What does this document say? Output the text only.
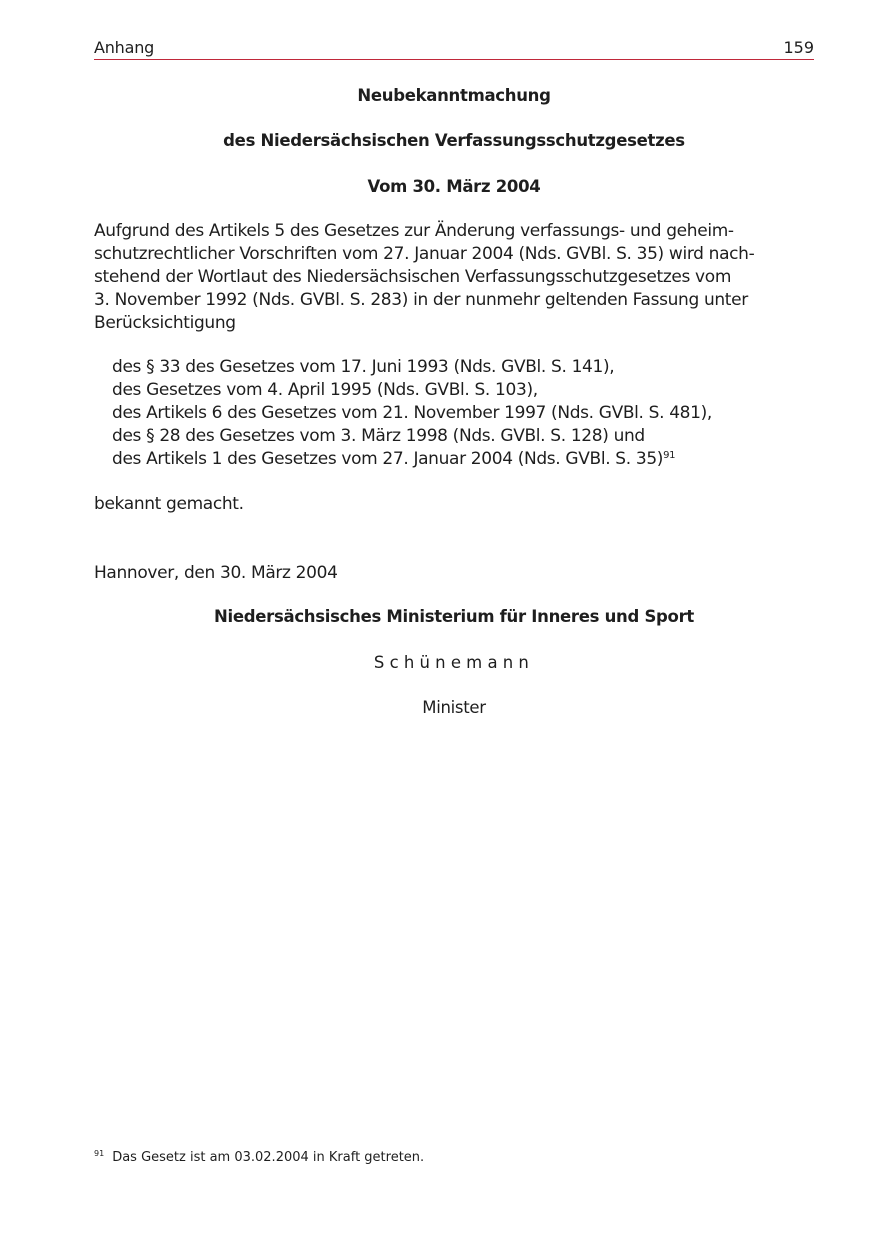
Anhang	159
Neubekanntmachung
des Niedersächsischen Verfassungsschutzgesetzes
Vom 30. März 2004
Aufgrund des Artikels 5 des Gesetzes zur Änderung verfassungs- und geheim-
schutzrechtlicher Vorschriften vom 27. Januar 2004 (Nds. GVBl. S. 35) wird nach-
stehend der Wortlaut des Niedersächsischen Verfassungsschutzgesetzes vom
3. November 1992 (Nds. GVBl. S. 283) in der nunmehr geltenden Fassung unter
Berücksichtigung
des § 33 des Gesetzes vom 17. Juni 1993 (Nds. GVBl. S. 141),
des Gesetzes vom 4. April 1995 (Nds. GVBl. S. 103),
des Artikels 6 des Gesetzes vom 21. November 1997 (Nds. GVBl. S. 481),
des § 28 des Gesetzes vom 3. März 1998 (Nds. GVBl. S. 128) und
des Artikels 1 des Gesetzes vom 27. Januar 2004 (Nds. GVBl. S. 35)$^{91}$
bekannt gemacht.
Hannover, den 30. März 2004
Niedersächsisches Ministerium für Inneres und Sport
Schünemann
Minister
$^{91}$ Das Gesetz ist am 03.02.2004 in Kraft getreten.
